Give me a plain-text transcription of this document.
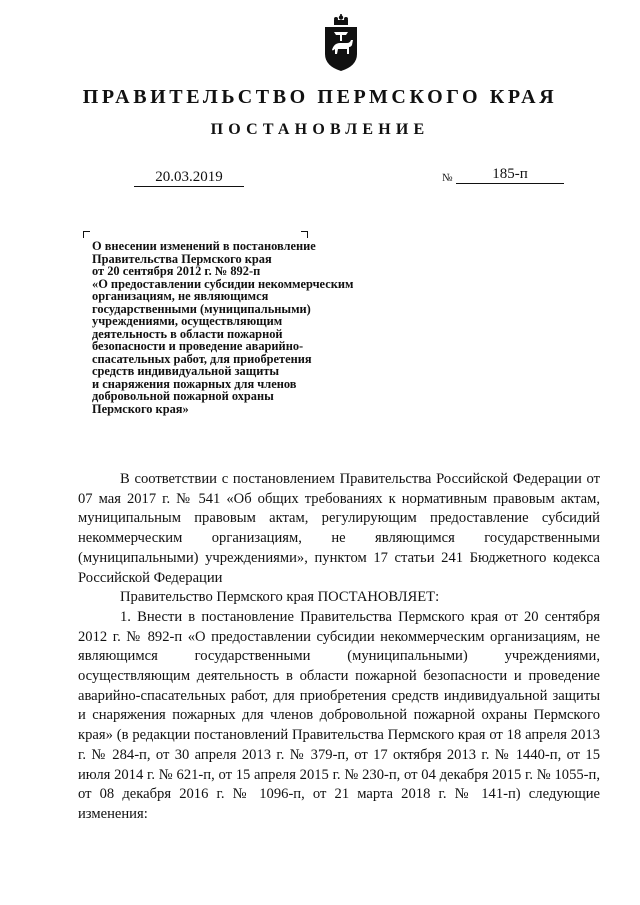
ПРАВИТЕЛЬСТВО ПЕРМСКОГО КРАЯ
ПОСТАНОВЛЕНИЕ
20.03.2019	№	185-п
О внесении изменений в постановление
Правительства Пермского края
от 20 сентября 2012 г. № 892-п
«О предоставлении субсидии некоммерческим
организациям, не являющимся
государственными (муниципальными)
учреждениями, осуществляющим
деятельность в области пожарной
безопасности и проведение аварийно-
спасательных работ, для приобретения
средств индивидуальной защиты
и снаряжения пожарных для членов
добровольной пожарной охраны
Пермского края»

В соответствии с постановлением Правительства Российской Федерации от 07 мая 2017 г. № 541 «Об общих требованиях к нормативным правовым актам, муниципальным правовым актам, регулирующим предоставление субсидий некоммерческим организациям, не являющимся государственными (муниципальными) учреждениями», пунктом 17 статьи 241 Бюджетного кодекса Российской Федерации

Правительство Пермского края ПОСТАНОВЛЯЕТ:

1. Внести в постановление Правительства Пермского края от 20 сентября 2012 г. № 892-п «О предоставлении субсидии некоммерческим организациям, не являющимся государственными (муниципальными) учреждениями, осуществляющим деятельность в области пожарной безопасности и проведение аварийно-спасательных работ, для приобретения средств индивидуальной защиты и снаряжения пожарных для членов добровольной пожарной охраны Пермского края» (в редакции постановлений Правительства Пермского края от 18 апреля 2013 г. № 284-п, от 30 апреля 2013 г. № 379-п, от 17 октября 2013 г. № 1440-п, от 15 июля 2014 г. № 621-п, от 15 апреля 2015 г. № 230-п, от 04 декабря 2015 г. № 1055-п, от 08 декабря 2016 г. № 1096-п, от 21 марта 2018 г. № 141-п) следующие изменения:
